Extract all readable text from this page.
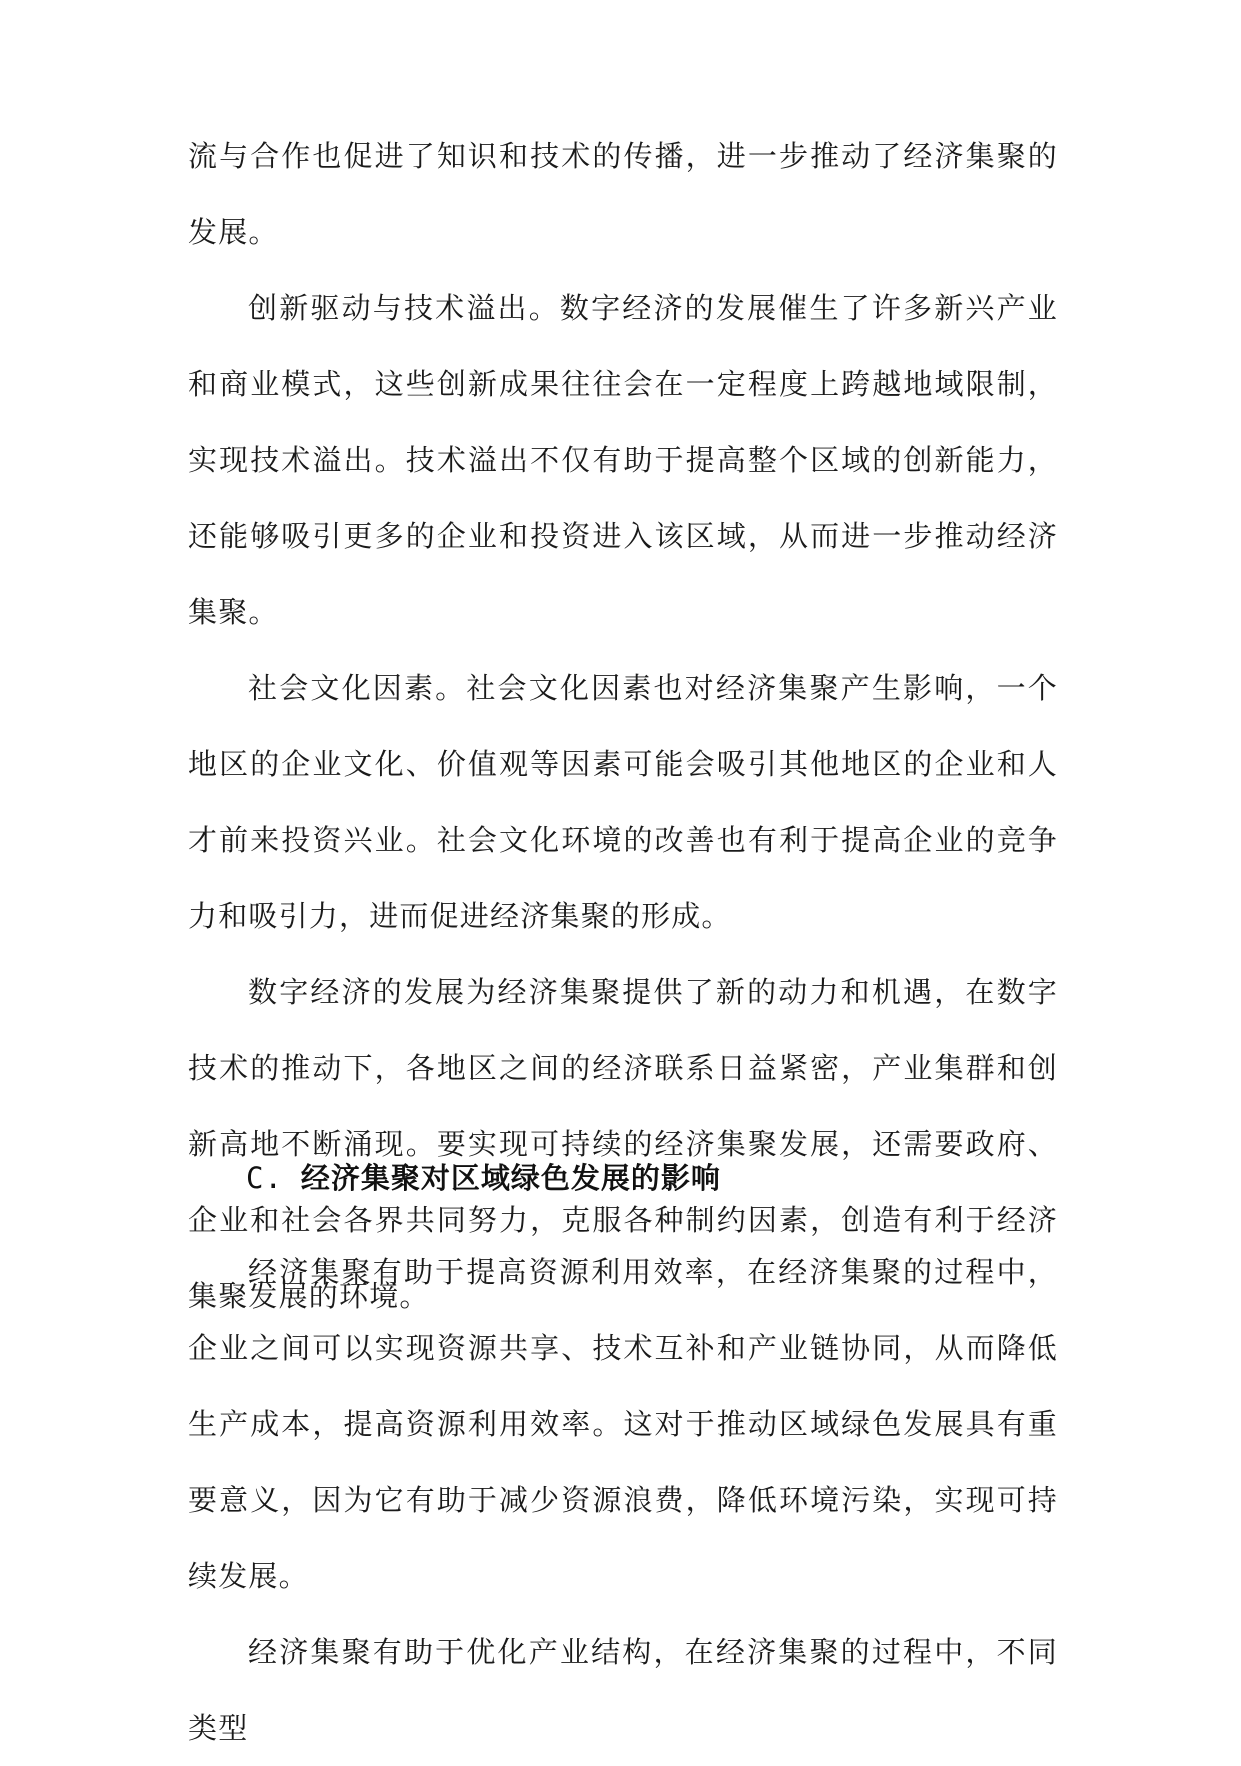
流与合作也促进了知识和技术的传播，进一步推动了经济集聚的发展。

创新驱动与技术溢出。数字经济的发展催生了许多新兴产业和商业模式，这些创新成果往往会在一定程度上跨越地域限制，实现技术溢出。技术溢出不仅有助于提高整个区域的创新能力，还能够吸引更多的企业和投资进入该区域，从而进一步推动经济集聚。

社会文化因素。社会文化因素也对经济集聚产生影响，一个地区的企业文化、价值观等因素可能会吸引其他地区的企业和人才前来投资兴业。社会文化环境的改善也有利于提高企业的竞争力和吸引力，进而促进经济集聚的形成。

数字经济的发展为经济集聚提供了新的动力和机遇，在数字技术的推动下，各地区之间的经济联系日益紧密，产业集群和创新高地不断涌现。要实现可持续的经济集聚发展，还需要政府、企业和社会各界共同努力，克服各种制约因素，创造有利于经济集聚发展的环境。

C. 经济集聚对区域绿色发展的影响

经济集聚有助于提高资源利用效率，在经济集聚的过程中，企业之间可以实现资源共享、技术互补和产业链协同，从而降低生产成本，提高资源利用效率。这对于推动区域绿色发展具有重要意义，因为它有助于减少资源浪费，降低环境污染，实现可持续发展。

经济集聚有助于优化产业结构，在经济集聚的过程中，不同类型
